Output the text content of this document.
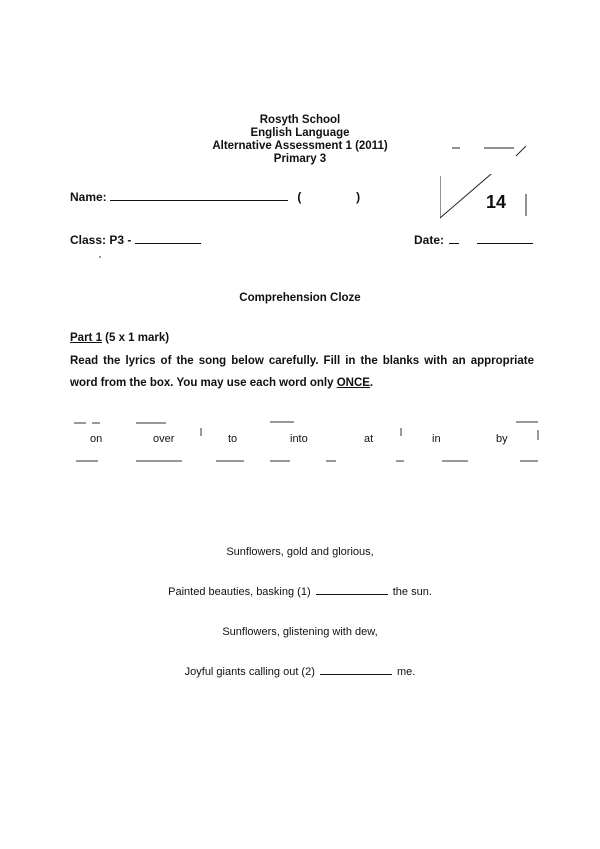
Rosyth School
English Language
Alternative Assessment 1 (2011)
Primary 3
14
Name:	(	)
Class: P3 -	Date:
Comprehension Cloze
Part 1 (5 x 1 mark)
Read the lyrics of the song below carefully. Fill in the blanks with an appropriate word from the box. You may use each word only ONCE.
on	over	to	into	at	in	by
Sunflowers, gold and glorious,
Painted beauties, basking (1)	the sun.
Sunflowers, glistening with dew,
Joyful giants calling out (2)	me.
